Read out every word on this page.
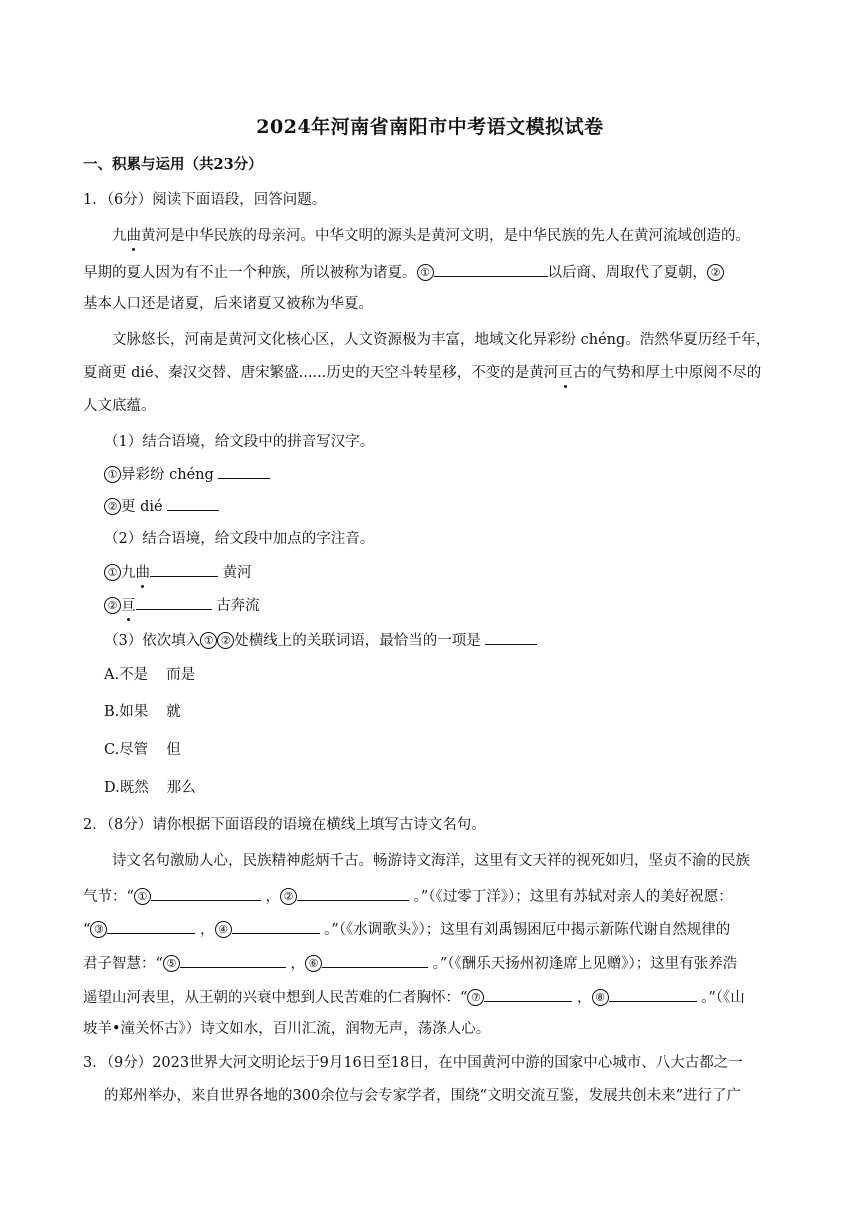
2024年河南省南阳市中考语文模拟试卷
一、积累与运用（共23分）
1．（6分）阅读下面语段，回答问题。
九曲黄河是中华民族的母亲河。中华文明的源头是黄河文明，是中华民族的先人在黄河流域创造的。
早期的夏人因为有不止一个种族，所以被称为诸夏。 ①	以后商、周取代了夏朝， ②
基本人口还是诸夏，后来诸夏又被称为华夏。
文脉悠长，河南是黄河文化核心区，人文资源极为丰富，地域文化异彩纷 chéng。浩然华夏历经千年，
夏商更 dié、秦汉交替、唐宋繁盛......历史的天空斗转星移，不变的是黄河亘古的气势和厚土中原阅不尽的
人文底蕴。
（1）结合语境，给文段中的拼音写汉字。
① 异彩纷 chéng
② 更 dié
（2）结合语境，给文段中加点的字注音。
① 九曲	黄河
② 亘	古奔流
（3）依次填入 ① ② 处横线上的关联词语，最恰当的一项是
A.不是 而是
B.如果 就
C.尽管 但
D.既然 那么
2．（8分）请你根据下面语段的语境在横线上填写古诗文名句。
诗文名句激励人心，民族精神彪炳千古。畅游诗文海洋，这里有文天祥的视死如归，坚贞不渝的民族
气节：“ ①	， ②	。”（《过零丁洋》）；这里有苏轼对亲人的美好祝愿：
“ ③	， ④	。”（《水调歌头》）；这里有刘禹锡困厄中揭示新陈代谢自然规律的
君子智慧：“ ⑤	， ⑥	。”（《酬乐天扬州初逢席上见赠》）；这里有张养浩
遥望山河表里，从王朝的兴衰中想到人民苦难的仁者胸怀：“ ⑦	， ⑧	。”（《山
坡羊•潼关怀古》）诗文如水，百川汇流，润物无声，荡涤人心。
3．（9分）2023世界大河文明论坛于9月16日至18日，在中国黄河中游的国家中心城市、八大古都之一
的郑州举办，来自世界各地的300余位与会专家学者，围绕“文明交流互鉴，发展共创未来”进行了广
